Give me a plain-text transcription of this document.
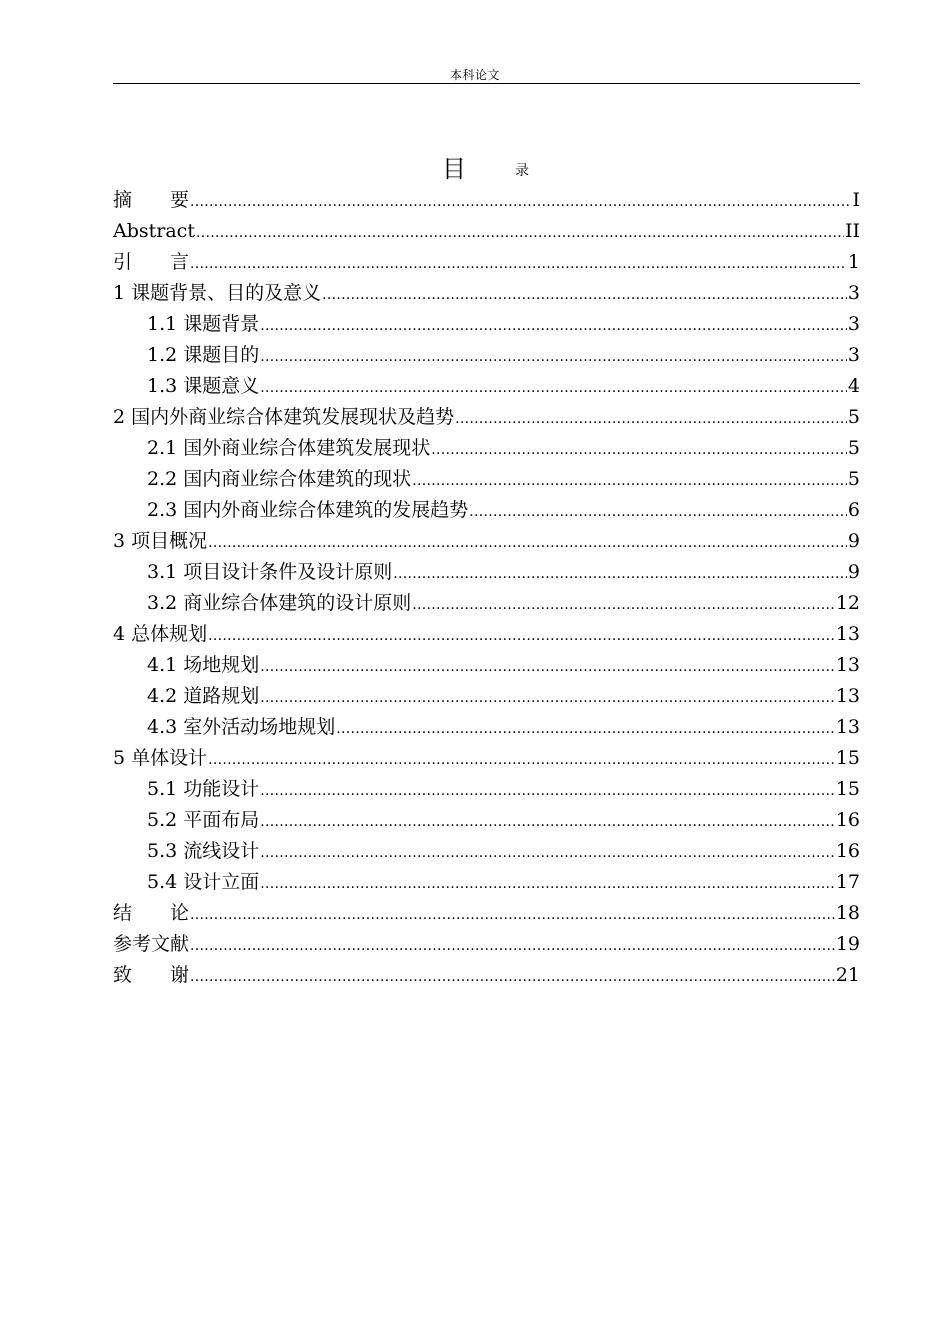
本科论文
目	录
摘　　要 .....	I
Abstract .....	II
引　　言 .....	1
1 课题背景、目的及意义 .....	3
1.1 课题背景 .....	3
1.2 课题目的 .....	3
1.3 课题意义 .....	4
2 国内外商业综合体建筑发展现状及趋势 .....	5
2.1 国外商业综合体建筑发展现状 .....	5
2.2 国内商业综合体建筑的现状 .....	5
2.3 国内外商业综合体建筑的发展趋势 .....	6
3 项目概况 .....	9
3.1 项目设计条件及设计原则 .....	9
3.2 商业综合体建筑的设计原则 .....	12
4 总体规划 .....	13
4.1 场地规划 .....	13
4.2 道路规划 .....	13
4.3 室外活动场地规划 .....	13
5 单体设计 .....	15
5.1 功能设计 .....	15
5.2 平面布局 .....	16
5.3 流线设计 .....	16
5.4 设计立面 .....	17
结　　论 .....	18
参考文献 .....	19
致　　谢 .....	21
